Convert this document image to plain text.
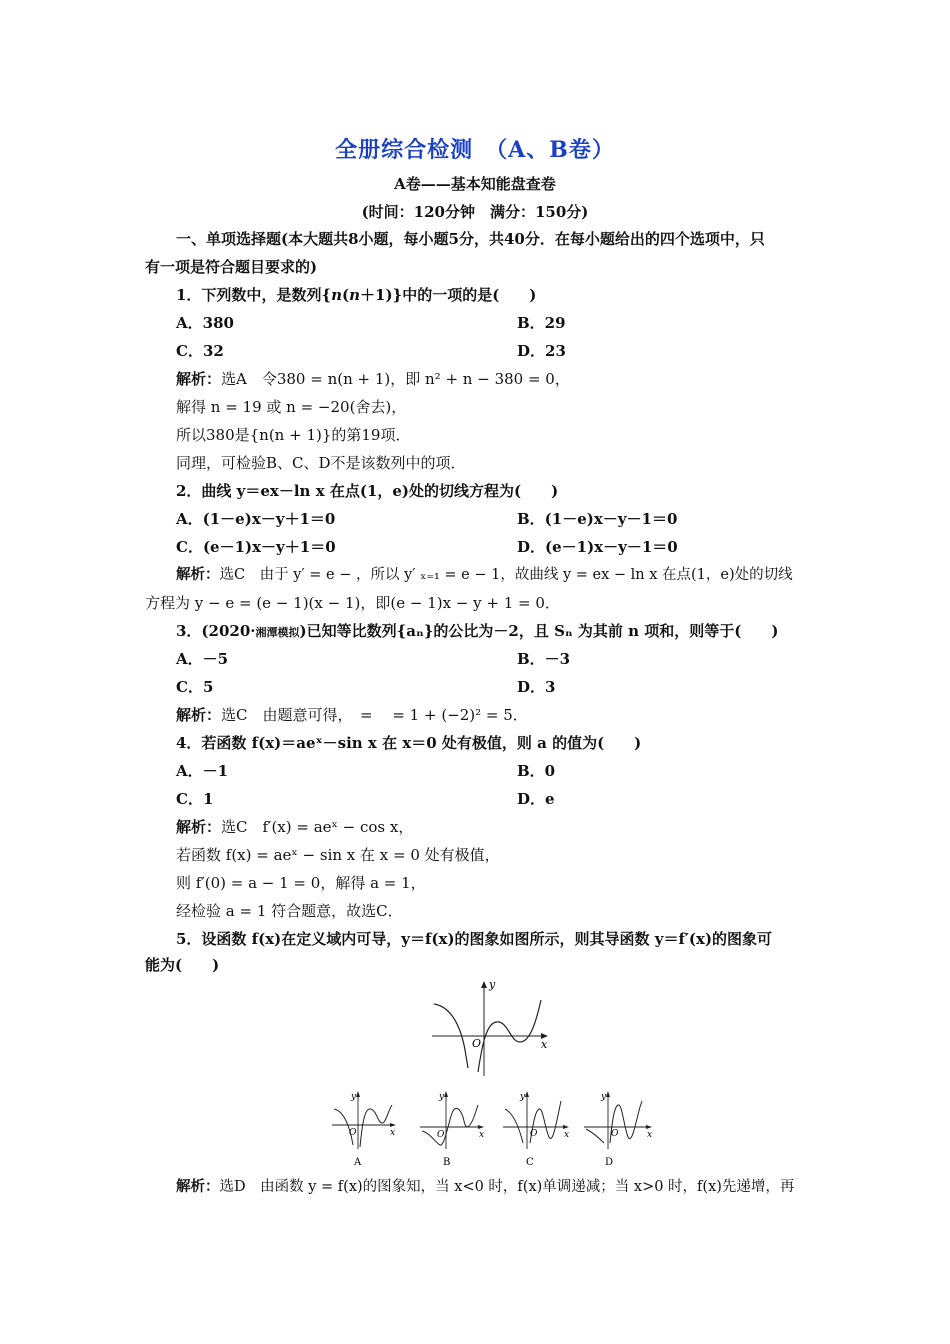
全册综合检测　（A、B卷）
A卷——基本知能盘查卷
(时间：120分钟　满分：150分)
一、单项选择题(本大题共8小题，每小题5分，共40分．在每小题给出的四个选项中，只
有一项是符合题目要求的)
1．下列数中，是数列{n(n＋1)}中的一项的是(　　)
A．380	B．29
C．32	D．23
解析：选A　令380 = n(n + 1)，即 n² + n − 380 = 0，
解得 n = 19 或 n = −20(舍去)，
所以380是{n(n + 1)}的第19项．
同理，可检验B、C、D不是该数列中的项．
2．曲线 y＝ex－ln x 在点(1，e)处的切线方程为(　　)
A．(1－e)x－y＋1＝0	B．(1－e)x－y－1＝0
C．(e－1)x－y＋1＝0	D．(e－1)x－y－1＝0
解析：选C　由于 y′ = e − ，所以 y′ ₓ₌₁ = e − 1，故曲线 y = ex − ln x 在点(1，e)处的切线
方程为 y − e = (e − 1)(x − 1)，即(e − 1)x − y + 1 = 0．
3．(2020·湘潭模拟)已知等比数列{aₙ}的公比为－2，且 Sₙ 为其前 n 项和，则等于(　　)
A．－5	B．－3
C．5	D．3
解析：选C　由题意可得，　= 　= 1 + (−2)² = 5．
4．若函数 f(x)＝aeˣ－sin x 在 x＝0 处有极值，则 a 的值为(　　)
A．－1	B．0
C．1	D．e
解析：选C　f′(x) = aeˣ − cos x，
若函数 f(x) = aeˣ − sin x 在 x = 0 处有极值，
则 f′(0) = a − 1 = 0，解得 a = 1，
经检验 a = 1 符合题意，故选C．
5．设函数 f(x)在定义域内可导，y＝f(x)的图象如图所示，则其导函数 y＝f′(x)的图象可
能为(　　)
y
x
O
y
x
O
A
y
x
O
B
y
x
O
C
y
x
O
D
解析：选D　由函数 y = f(x)的图象知，当 x<0 时，f(x)单调递减；当 x>0 时，f(x)先递增，再
